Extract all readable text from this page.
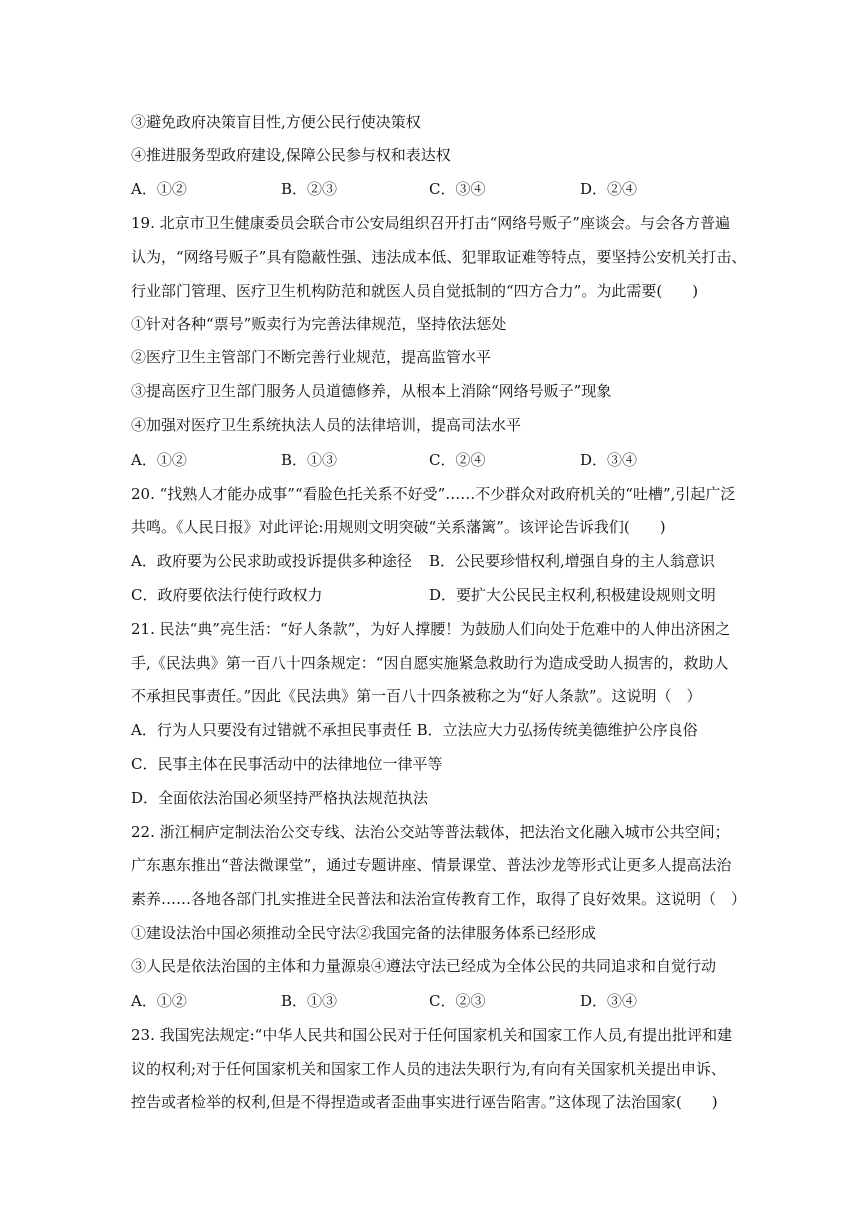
③避免政府决策盲目性,方便公民行使决策权
④推进服务型政府建设,保障公民参与权和表达权
A．①②	B．②③	C．③④	D．②④
19. 北京市卫生健康委员会联合市公安局组织召开打击“网络号贩子”座谈会。与会各方普遍
认为，“网络号贩子”具有隐蔽性强、违法成本低、犯罪取证难等特点，要坚持公安机关打击、
行业部门管理、医疗卫生机构防范和就医人员自觉抵制的“四方合力”。为此需要(　　)
①针对各种“票号”贩卖行为完善法律规范，坚持依法惩处
②医疗卫生主管部门不断完善行业规范，提高监管水平
③提高医疗卫生部门服务人员道德修养，从根本上消除“网络号贩子”现象
④加强对医疗卫生系统执法人员的法律培训，提高司法水平
A．①②	B．①③	C．②④	D．③④
20. “找熟人才能办成事”“看脸色托关系不好受”……不少群众对政府机关的“吐槽”,引起广泛
共鸣。《人民日报》对此评论:用规则文明突破“关系藩篱”。该评论告诉我们(　　)
A．政府要为公民求助或投诉提供多种途径 B．公民要珍惜权利,增强自身的主人翁意识
C．政府要依法行使行政权力	D．要扩大公民民主权利,积极建设规则文明
21. 民法“典”亮生活：“好人条款”，为好人撑腰！为鼓励人们向处于危难中的人伸出济困之
手,《民法典》第一百八十四条规定：“因自愿实施紧急救助行为造成受助人损害的，救助人
不承担民事责任。”因此《民法典》第一百八十四条被称之为“好人条款”。这说明（　）
A．行为人只要没有过错就不承担民事责任 B．立法应大力弘扬传统美德维护公序良俗
C．民事主体在民事活动中的法律地位一律平等
D．全面依法治国必须坚持严格执法规范执法
22. 浙江桐庐定制法治公交专线、法治公交站等普法载体，把法治文化融入城市公共空间；
广东惠东推出“普法微课堂”，通过专题讲座、情景课堂、普法沙龙等形式让更多人提高法治
素养……各地各部门扎实推进全民普法和法治宣传教育工作，取得了良好效果。这说明（　）
①建设法治中国必须推动全民守法②我国完备的法律服务体系已经形成
③人民是依法治国的主体和力量源泉④遵法守法已经成为全体公民的共同追求和自觉行动
A．①②	B．①③	C．②③	D．③④
23. 我国宪法规定:“中华人民共和国公民对于任何国家机关和国家工作人员,有提出批评和建
议的权利;对于任何国家机关和国家工作人员的违法失职行为,有向有关国家机关提出申诉、
控告或者检举的权利,但是不得捏造或者歪曲事实进行诬告陷害。”这体现了法治国家(　　)
